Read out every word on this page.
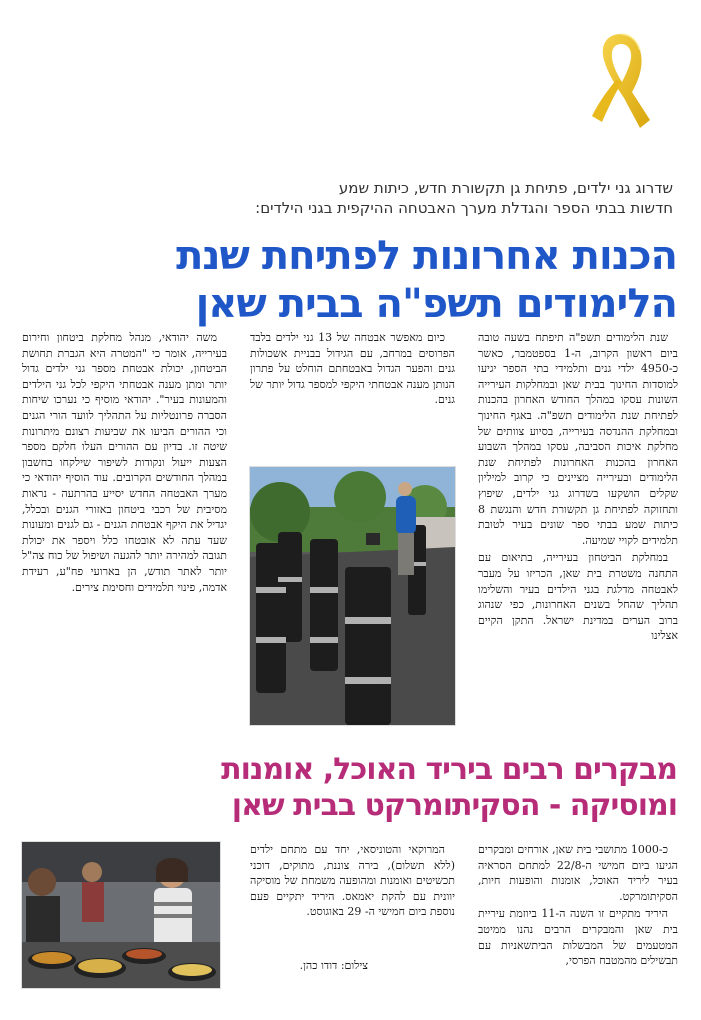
שדרוג גני ילדים, פתיחת גן תקשורת חדש, כיתות שמע
חדשות בבתי הספר והגדלת מערך האבטחה ההיקפית בגני הילדים:
הכנות אחרונות לפתיחת שנת
הלימודים תשפ"ה בבית שאן

שנת הלימודים תשפ"ה תיפתח בשעה טובה ביום ראשון הקרוב, ה-1 בספטמבר, כאשר כ-4950 ילדי גנים ותלמידי בתי הספר יגיעו למוסדות החינוך בבית שאן ובמחלקות העירייה השונות עסקו במהלך החודש האחרון בהכנות לפתיחת שנת הלימודים תשפ"ה. באגף החינוך ובמחלקת ההנדסה בעירייה, בסיוע צוותים של מחלקת איכות הסביבה, עסקו במהלך השבוע האחרון בהכנות האחרונות לפתיחת שנת הלימודים ובעירייה מציינים כי קרוב למיליון שקלים הושקעו בשדרוג גני ילדים, שיפוץ ותחזוקה לפתיחת גן תקשורת חדש והנגשת 8 כיתות שמע בבתי ספר שונים בעיר לטובת תלמידים לקויי שמיעה.

במחלקת הביטחון בעירייה, בתיאום עם התחנה משטרת בית שאן, הכריזו על מעבר לאבטחה מדלגת בגני הילדים בעיר והשלימו תהליך שהחל בשנים האחרונות, כפי שנהוג ברוב הערים במדינת ישראל. התקן הקיים אצלינו

כיום מאפשר אבטחה של 13 גני ילדים בלבד הפרוסים במרחב, עם הגידול בבניית אשכולות גנים והפער הגדול באבטחתם הוחלט על פתרון הנותן מענה אבטחתי היקפי למספר גדול יותר של גנים.

משה יהודאי, מנהל מחלקת ביטחון וחירום בעירייה, אומר כי "המטרה היא הגברת תחושת הביטחון, יכולת אבטחת מספר גני ילדים גדול יותר ומתן מענה אבטחתי היקפי לכל גני הילדים והמעונות בעיר". יהודאי מוסיף כי נערכו שיחות הסברה פרונטליות על התהליך לוועד הורי הגנים וכי ההורים הביעו את שביעות רצונם מיתרונות שיטה זו. בדיון עם ההורים העלו חלקם מספר הצעות ייעול ונקודות לשיפור שילקחו בחשבון במהלך החודשים הקרובים. עוד הוסיף יהודאי כי מערך האבטחה החדש יסייע בהרתעה - נראות מסיבית של רכבי ביטחון באזורי הגנים ובכלל, יגדיל את היקף אבטחת הגנים - גם לגנים ומעונות שעד עתה לא אובטחו כלל ויספר את יכולת תגובה למהירה יותר להגעה ושיפול של כוח צה"ל יותר לאתר תודש, הן בארועי פח"ע, רעידת אדמה, פינוי תלמידים וחסימת צירים.

מבקרים רבים ביריד האוכל, אומנות
ומוסיקה - הסקיתומרקט בבית שאן

כ-1000 מתושבי בית שאן, אורחים ומבקרים הגיעו ביום חמישי ה-22/8 למתחם הסראיה בעיר ליריד האוכל, אומנות והופעות חיות, הסקיתומרקט.

היריד מתקיים זו השנה ה-11 ביוזמת עיריית בית שאן והמבקרים הרבים נהנו ממיטב המטעמים של המבשלות הביתשאניות עם תבשילים מהמטבח הפרסי,

המרוקאי והטוניסאי, יחד עם מתחם ילדים (ללא תשלום), בירה צוננת, מתוקים, דוכני תכשיטים ואומנות ומהופעה משמחת של מוסיקה יוונית עם להקת יאמאס. היריד יתקיים פעם נוספת ביום חמישי ה- 29 באוגוסט.

צילום: דודו כהן.
